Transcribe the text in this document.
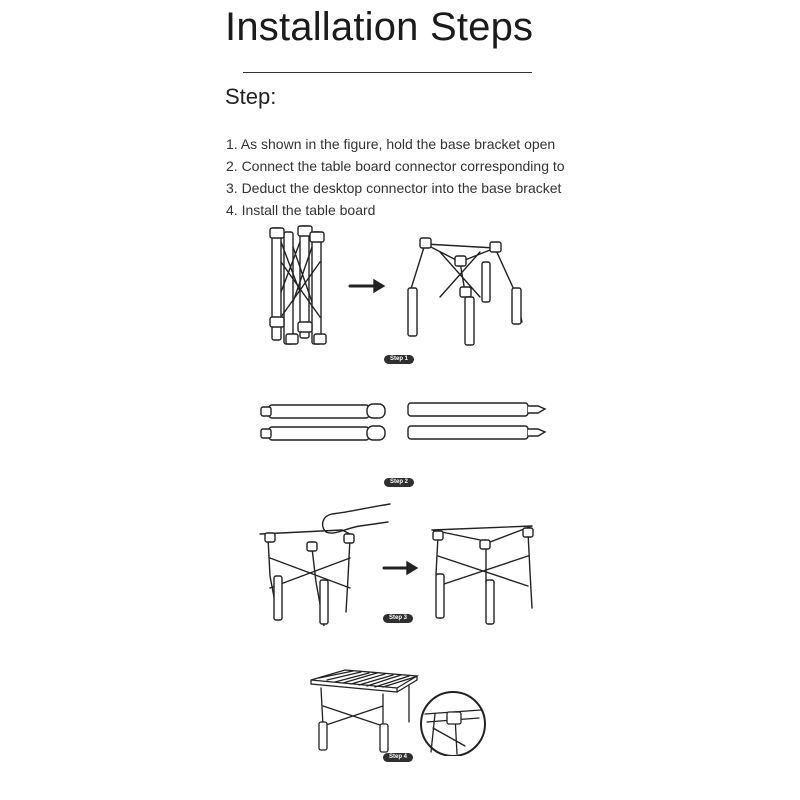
Installation Steps
Step:
1. As shown in the figure, hold the base bracket open
2. Connect the table board connector corresponding to
3. Deduct the desktop connector into the base bracket
4. Install the table board
Step 1
Step 2
Step 3
Step 4
